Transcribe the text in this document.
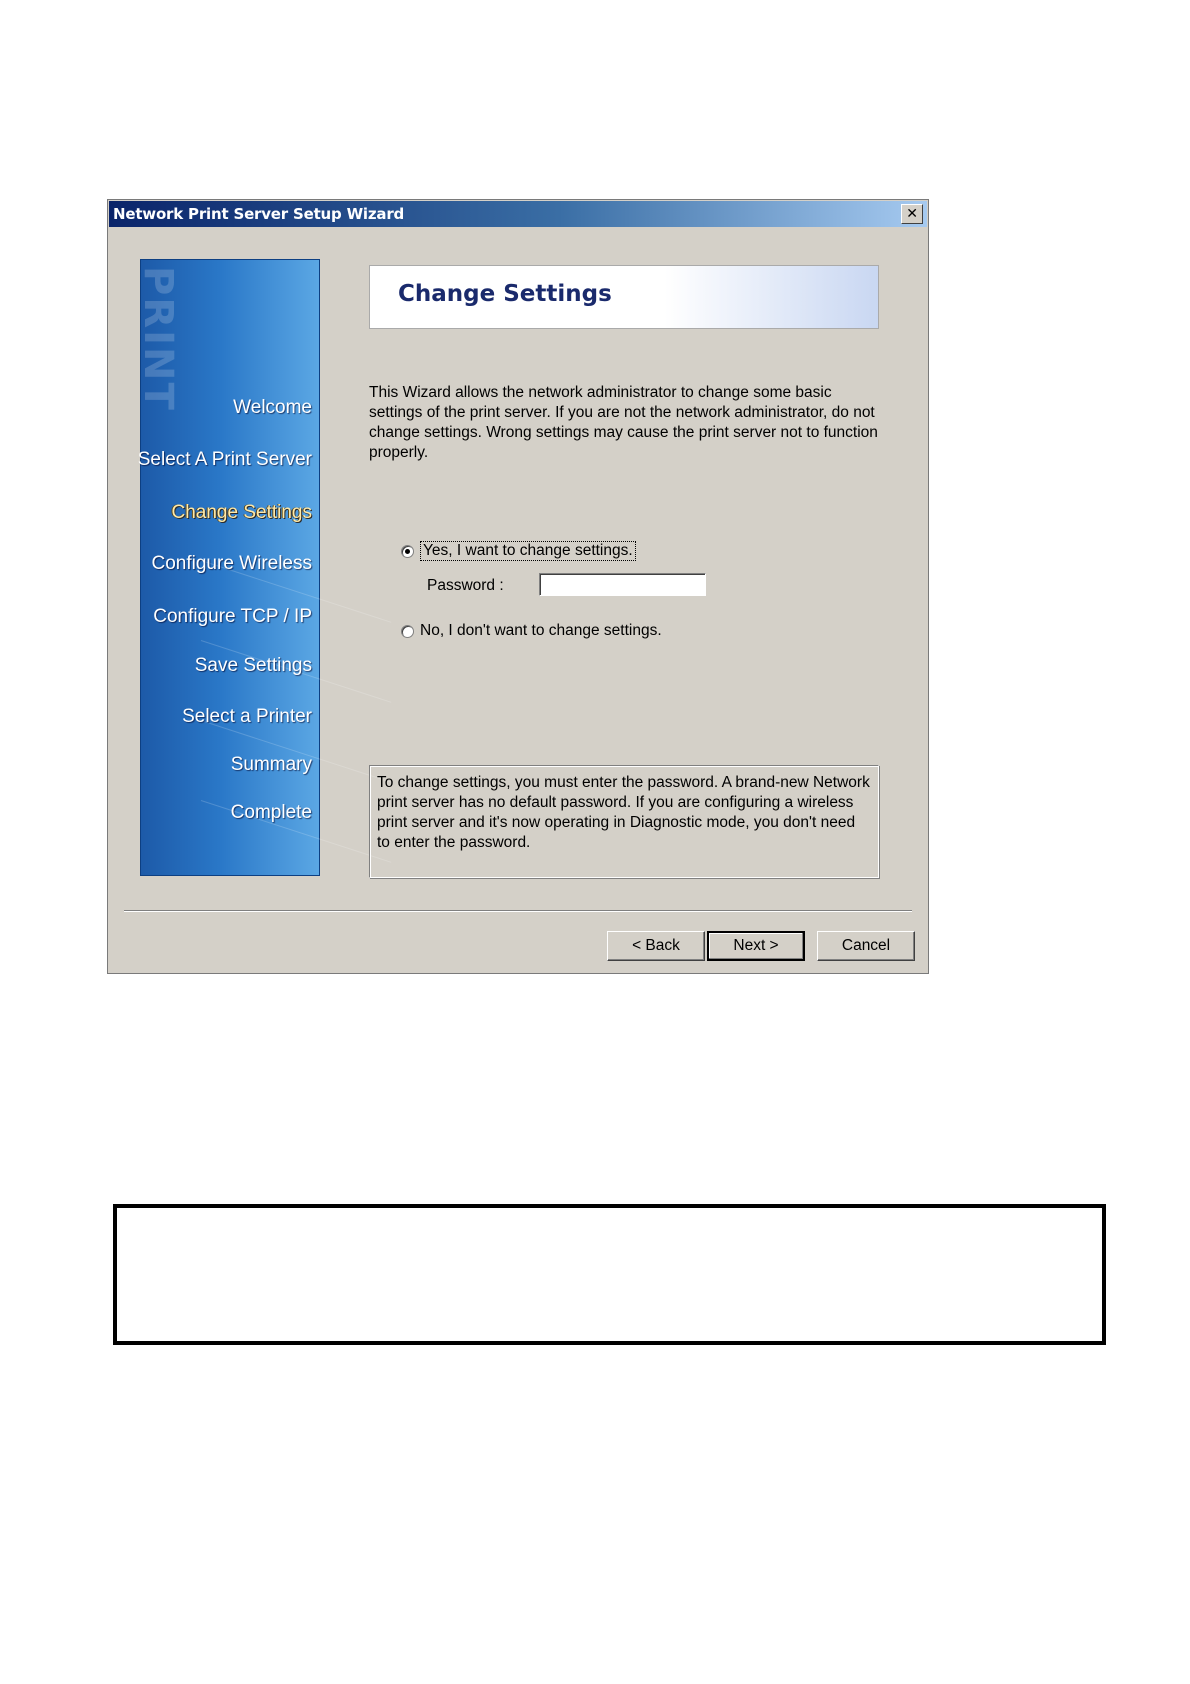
Network Print Server Setup Wizard	✕
PRINT	Welcome
Select A Print Server
Change Settings
Configure Wireless
Configure TCP / IP
Save Settings
Select a Printer
Summary
Complete
Change Settings
This Wizard allows the network administrator to change some basic settings of the print server. If you are not the network administrator, do not change settings. Wrong settings may cause the print server not to function properly.
Yes, I want to change settings.
Password :
No, I don't want to change settings.
To change settings, you must enter the password. A brand-new Network print server has no default password. If you are configuring a wireless print server and it's now operating in Diagnostic mode, you don't need to enter the password.
< Back	Next >	Cancel
